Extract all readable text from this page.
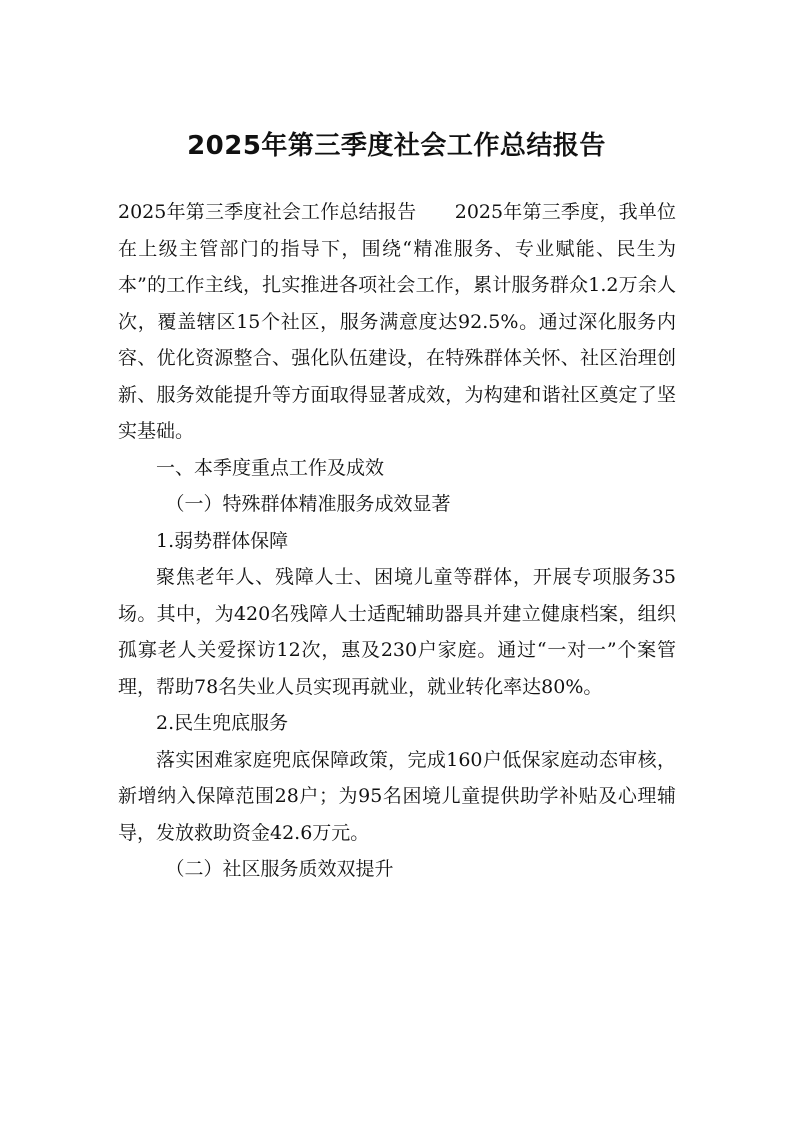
2025年第三季度社会工作总结报告

2025年第三季度社会工作总结报告　　2025年第三季度，我单位在上级主管部门的指导下，围绕“精准服务、专业赋能、民生为本”的工作主线，扎实推进各项社会工作，累计服务群众1.2万余人次，覆盖辖区15个社区，服务满意度达92.5%。通过深化服务内容、优化资源整合、强化队伍建设，在特殊群体关怀、社区治理创新、服务效能提升等方面取得显著成效，为构建和谐社区奠定了坚实基础。

一、本季度重点工作及成效

（一）特殊群体精准服务成效显著

1.弱势群体保障

聚焦老年人、残障人士、困境儿童等群体，开展专项服务35场。其中，为420名残障人士适配辅助器具并建立健康档案，组织孤寡老人关爱探访12次，惠及230户家庭。通过“一对一”个案管理，帮助78名失业人员实现再就业，就业转化率达80%。

2.民生兜底服务

落实困难家庭兜底保障政策，完成160户低保家庭动态审核，新增纳入保障范围28户；为95名困境儿童提供助学补贴及心理辅导，发放救助资金42.6万元。

（二）社区服务质效双提升
